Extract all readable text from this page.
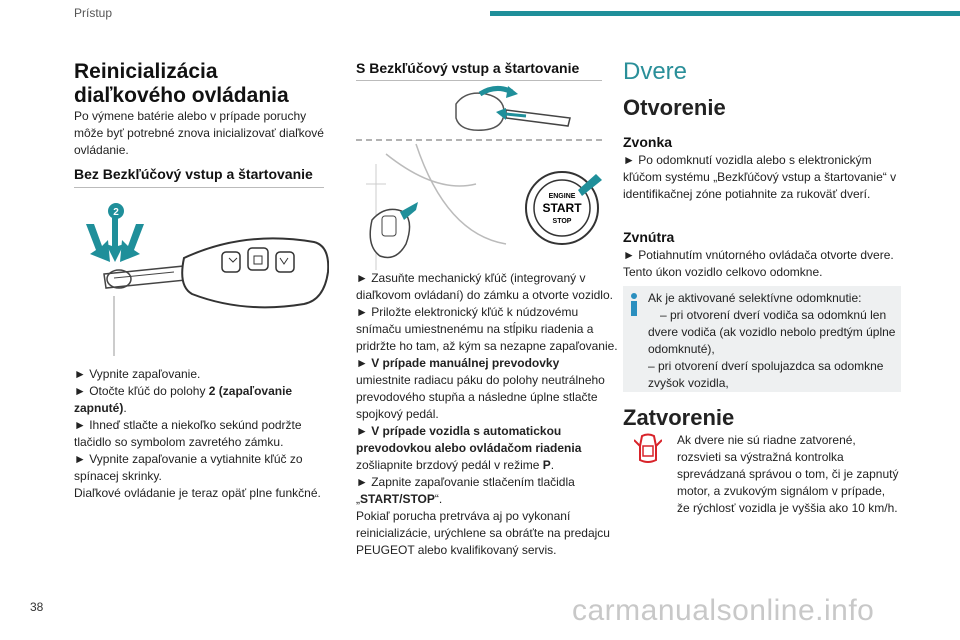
Prístup
38
Reinicializácia diaľkového ovládania
Po výmene batérie alebo v prípade poruchy môže byť potrebné znova inicializovať diaľkové ovládanie.
Bez Bezkľúčový vstup a štartovanie
2
► Vypnite zapaľovanie.
► Otočte kľúč do polohy 2 (zapaľovanie zapnuté).
► Ihneď stlačte a niekoľko sekúnd podržte tlačidlo so symbolom zavretého zámku.
► Vypnite zapaľovanie a vytiahnite kľúč zo spínacej skrinky.
Diaľkové ovládanie je teraz opäť plne funkčné.
S Bezkľúčový vstup a štartovanie
ENGINE
START
STOP
► Zasuňte mechanický kľúč (integrovaný v diaľkovom ovládaní) do zámku a otvorte vozidlo.
► Priložte elektronický kľúč k núdzovému snímaču umiestnenému na stĺpiku riadenia a pridržte ho tam, až kým sa nezapne zapaľovanie.
► V prípade manuálnej prevodovky
umiestnite radiacu páku do polohy neutrálneho prevodového stupňa a následne úplne stlačte spojkový pedál.
► V prípade vozidla s automatickou prevodovkou alebo ovládačom riadenia
zošliapnite brzdový pedál v režime P.
► Zapnite zapaľovanie stlačením tlačidla „START/STOP“.
Pokiaľ porucha pretrváva aj po vykonaní reinicializácie, urýchlene sa obráťte na predajcu PEUGEOT alebo kvalifikovaný servis.
Dvere
Otvorenie
Zvonka
► Po odomknutí vozidla alebo s elektronickým kľúčom systému „Bezkľúčový vstup a štartovanie“ v identifikačnej zóne potiahnite za rukoväť dverí.
Zvnútra
► Potiahnutím vnútorného ovládača otvorte dvere. Tento úkon vozidlo celkovo odomkne.
Ak je aktivované selektívne odomknutie:
– pri otvorení dverí vodiča sa odomknú len dvere vodiča (ak vozidlo nebolo predtým úplne odomknuté),
– pri otvorení dverí spolujazdca sa odomkne zvyšok vozidla,
Zatvorenie
Ak dvere nie sú riadne zatvorené, rozsvieti sa výstražná kontrolka sprevádzaná správou o tom, či je zapnutý motor, a zvukovým signálom v prípade, že rýchlosť vozidla je vyššia ako 10 km/h.
carmanualsonline.info
